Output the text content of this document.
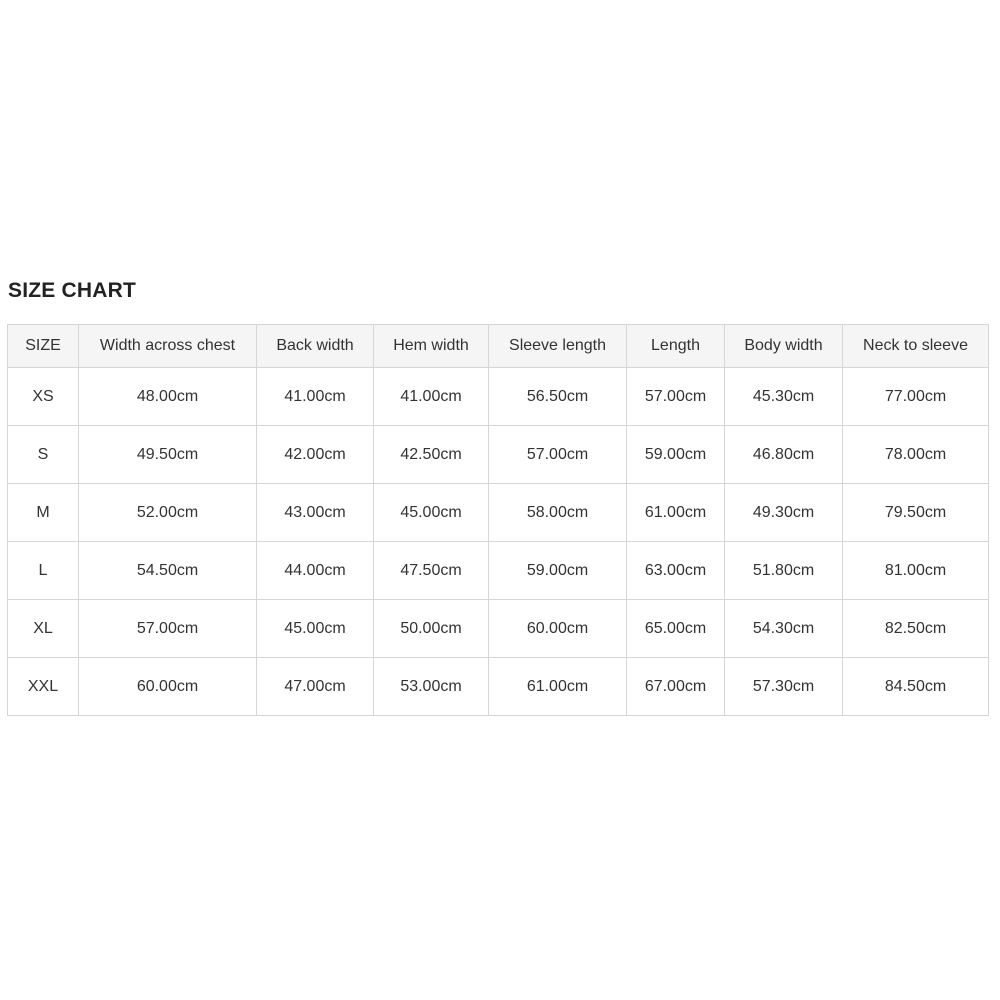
SIZE CHART
SIZE	Width across chest	Back width	Hem width	Sleeve length	Length	Body width	Neck to sleeve
XS	48.00cm	41.00cm	41.00cm	56.50cm	57.00cm	45.30cm	77.00cm
S	49.50cm	42.00cm	42.50cm	57.00cm	59.00cm	46.80cm	78.00cm
M	52.00cm	43.00cm	45.00cm	58.00cm	61.00cm	49.30cm	79.50cm
L	54.50cm	44.00cm	47.50cm	59.00cm	63.00cm	51.80cm	81.00cm
XL	57.00cm	45.00cm	50.00cm	60.00cm	65.00cm	54.30cm	82.50cm
XXL	60.00cm	47.00cm	53.00cm	61.00cm	67.00cm	57.30cm	84.50cm
